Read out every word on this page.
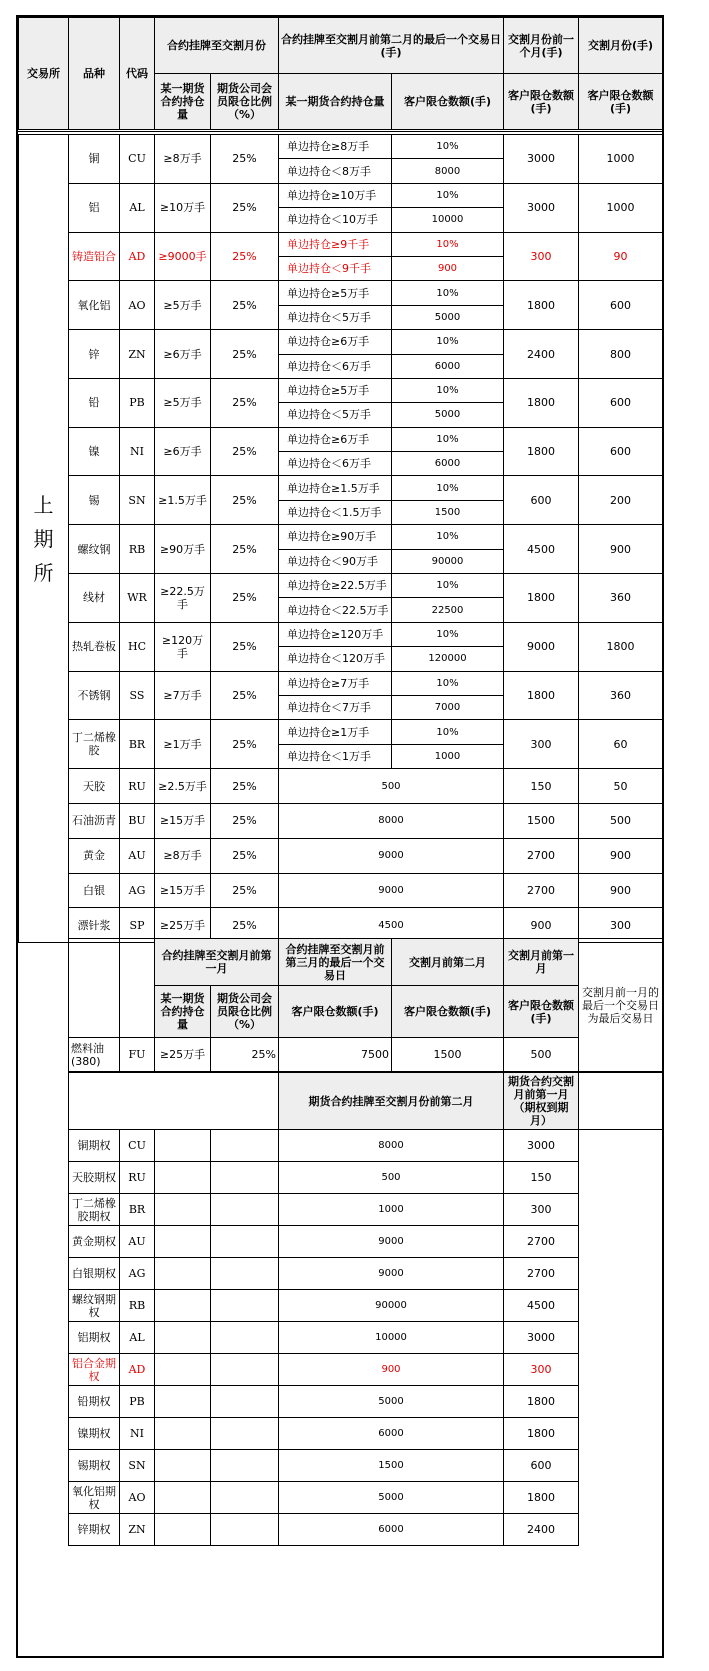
交易所	品种	代码	合约挂牌至交割月份		合约挂牌至交割月前第二月的最后一个交易日(手)		交割月份前一个月(手)	交割月份(手)
			某一期货合约持仓量	期货公司会员限仓比例（%）	某一期货合约持仓量	客户限仓数额(手)	客户限仓数额(手)	客户限仓数额(手)
上
期
所	铜	CU	≥8万手	25%	单边持仓≥8万手	10%	3000	1000
					单边持仓＜8万手	8000		
	铝	AL	≥10万手	25%	单边持仓≥10万手	10%	3000	1000
					单边持仓＜10万手	10000		
	铸造铝合	AD	≥9000手	25%	单边持仓≥9千手	10%	300	90
					单边持仓＜9千手	900		
	氧化铝	AO	≥5万手	25%	单边持仓≥5万手	10%	1800	600
					单边持仓＜5万手	5000		
	锌	ZN	≥6万手	25%	单边持仓≥6万手	10%	2400	800
					单边持仓＜6万手	6000		
	铅	PB	≥5万手	25%	单边持仓≥5万手	10%	1800	600
					单边持仓＜5万手	5000		
	镍	NI	≥6万手	25%	单边持仓≥6万手	10%	1800	600
					单边持仓＜6万手	6000		
	锡	SN	≥1.5万手	25%	单边持仓≥1.5万手	10%	600	200
					单边持仓＜1.5万手	1500		
	螺纹钢	RB	≥90万手	25%	单边持仓≥90万手	10%	4500	900
					单边持仓＜90万手	90000		
	线材	WR	≥22.5万手	25%	单边持仓≥22.5万手	10%	1800	360
					单边持仓＜22.5万手	22500		
	热轧卷板	HC	≥120万手	25%	单边持仓≥120万手	10%	9000	1800
					单边持仓＜120万手	120000		
	不锈钢	SS	≥7万手	25%	单边持仓≥7万手	10%	1800	360
					单边持仓＜7万手	7000		
	丁二烯橡胶	BR	≥1万手	25%	单边持仓≥1万手	10%	300	60
					单边持仓＜1万手	1000		
	天胶	RU	≥2.5万手	25%	500		150	50
	石油沥青	BU	≥15万手	25%	8000		1500	500
	黄金	AU	≥8万手	25%	9000		2700	900
	白银	AG	≥15万手	25%	9000		2700	900
	漂针浆	SP	≥25万手	25%	4500		900	300
		合约挂牌至交割月前第一月		合约挂牌至交割月前第三月的最后一个交易日	交割月前第二月	交割月前第一月	交割月前一月的最后一个交易日为最后交易日
		某一期货合约持仓量	期货公司会员限仓比例（%）	客户限仓数额(手)	客户限仓数额(手)	客户限仓数额(手)	
燃料油(380)	FU	≥25万手	25%	7500	1500	500	
				期货合约挂牌至交割月份前第二月	期货合约交割月前第一月（期权到期月）	
铜期权	CU			8000	3000	
天胶期权	RU			500	150	
丁二烯橡胶期权	BR			1000	300	
黄金期权	AU			9000	2700	
白银期权	AG			9000	2700	
螺纹钢期权	RB			90000	4500	
铝期权	AL			10000	3000	
铝合金期权	AD			900	300	
铅期权	PB			5000	1800	
镍期权	NI			6000	1800	
锡期权	SN			1500	600	
氧化铝期权	AO			5000	1800	
锌期权	ZN			6000	2400	
